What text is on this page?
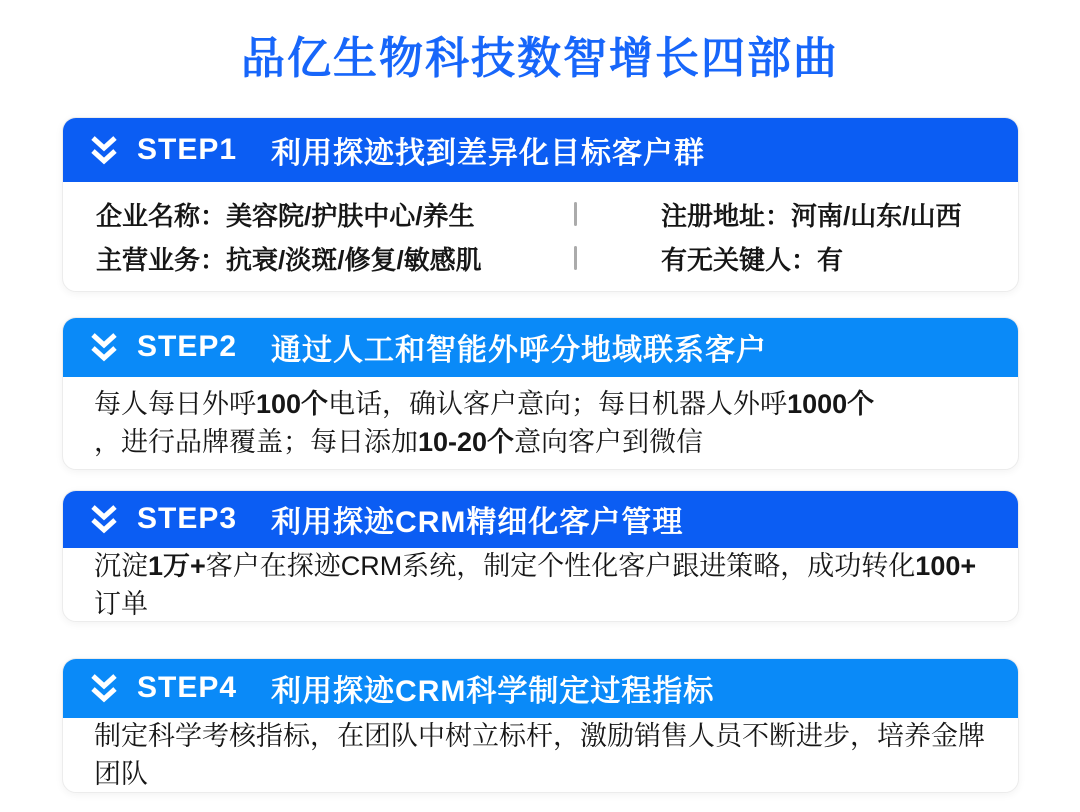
品亿生物科技数智增长四部曲
STEP1 利用探迹找到差异化目标客户群
企业名称：美容院/护肤中心/养生	注册地址：河南/山东/山西
主营业务：抗衰/淡斑/修复/敏感肌	有无关键人：有
STEP2 通过人工和智能外呼分地域联系客户

每人每日外呼 100个 电话，确认客户意向；每日机器人外呼 1000个
，进行品牌覆盖；每日添加 10-20个 意向客户到微信

STEP3 利用探迹CRM精细化客户管理

沉淀 1万+ 客户在探迹CRM系统，制定个性化客户跟进策略，成功转化 100+
订单

STEP4 利用探迹CRM科学制定过程指标

制定科学考核指标，在团队中树立标杆，激励销售人员不断进步，培养金牌团队
